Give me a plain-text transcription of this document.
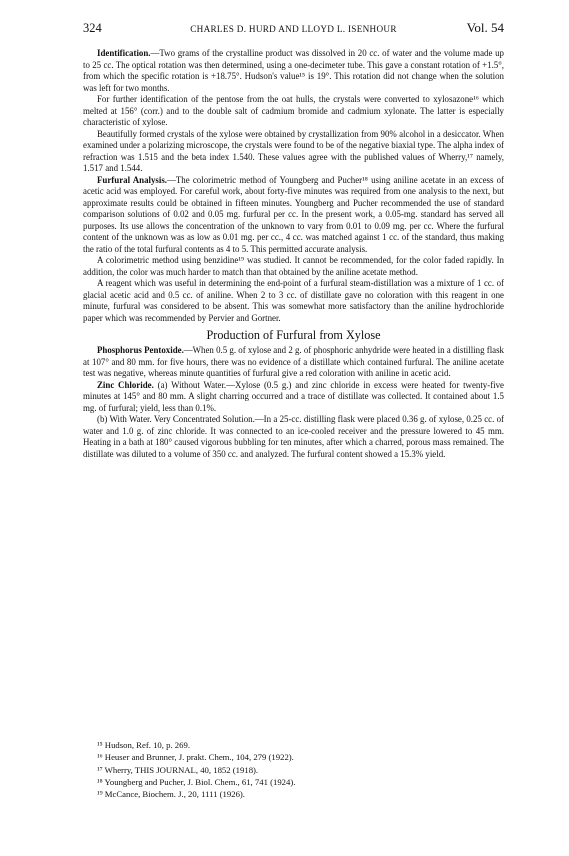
324	CHARLES D. HURD AND LLOYD L. ISENHOUR	Vol. 54

Identification.—Two grams of the crystalline product was dissolved in 20 cc. of water and the volume made up to 25 cc. The optical rotation was then determined, using a one-decimeter tube. This gave a constant rotation of +1.5°, from which the specific rotation is +18.75°. Hudson's value¹⁵ is 19°. This rotation did not change when the solution was left for two months.

For further identification of the pentose from the oat hulls, the crystals were converted to xylosazone¹⁶ which melted at 156° (corr.) and to the double salt of cadmium bromide and cadmium xylonate. The latter is especially characteristic of xylose.

Beautifully formed crystals of the xylose were obtained by crystallization from 90% alcohol in a desiccator. When examined under a polarizing microscope, the crystals were found to be of the negative biaxial type. The alpha index of refraction was 1.515 and the beta index 1.540. These values agree with the published values of Wherry,¹⁷ namely, 1.517 and 1.544.

Furfural Analysis.—The colorimetric method of Youngberg and Pucher¹⁸ using aniline acetate in an excess of acetic acid was employed. For careful work, about forty-five minutes was required from one analysis to the next, but approximate results could be obtained in fifteen minutes. Youngberg and Pucher recommended the use of standard comparison solutions of 0.02 and 0.05 mg. furfural per cc. In the present work, a 0.05-mg. standard has served all purposes. Its use allows the concentration of the unknown to vary from 0.01 to 0.09 mg. per cc. Where the furfural content of the unknown was as low as 0.01 mg. per cc., 4 cc. was matched against 1 cc. of the standard, thus making the ratio of the total furfural contents as 4 to 5. This permitted accurate analysis.

A colorimetric method using benzidine¹⁹ was studied. It cannot be recommended, for the color faded rapidly. In addition, the color was much harder to match than that obtained by the aniline acetate method.

A reagent which was useful in determining the end-point of a furfural steam-distillation was a mixture of 1 cc. of glacial acetic acid and 0.5 cc. of aniline. When 2 to 3 cc. of distillate gave no coloration with this reagent in one minute, furfural was considered to be absent. This was somewhat more satisfactory than the aniline hydrochloride paper which was recommended by Pervier and Gortner.

Production of Furfural from Xylose

Phosphorus Pentoxide.—When 0.5 g. of xylose and 2 g. of phosphoric anhydride were heated in a distilling flask at 107° and 80 mm. for five hours, there was no evidence of a distillate which contained furfural. The aniline acetate test was negative, whereas minute quantities of furfural give a red coloration with aniline in acetic acid.

Zinc Chloride. (a) Without Water.—Xylose (0.5 g.) and zinc chloride in excess were heated for twenty-five minutes at 145° and 80 mm. A slight charring occurred and a trace of distillate was collected. It contained about 1.5 mg. of furfural; yield, less than 0.1%.

(b) With Water. Very Concentrated Solution.—In a 25-cc. distilling flask were placed 0.36 g. of xylose, 0.25 cc. of water and 1.0 g. of zinc chloride. It was connected to an ice-cooled receiver and the pressure lowered to 45 mm. Heating in a bath at 180° caused vigorous bubbling for ten minutes, after which a charred, porous mass remained. The distillate was diluted to a volume of 350 cc. and analyzed. The furfural content showed a 15.3% yield.

¹⁵ Hudson, Ref. 10, p. 269.
¹⁶ Heuser and Brunner, J. prakt. Chem., 104, 279 (1922).
¹⁷ Wherry, THIS JOURNAL, 40, 1852 (1918).
¹⁸ Youngberg and Pucher, J. Biol. Chem., 61, 741 (1924).
¹⁹ McCance, Biochem. J., 20, 1111 (1926).
